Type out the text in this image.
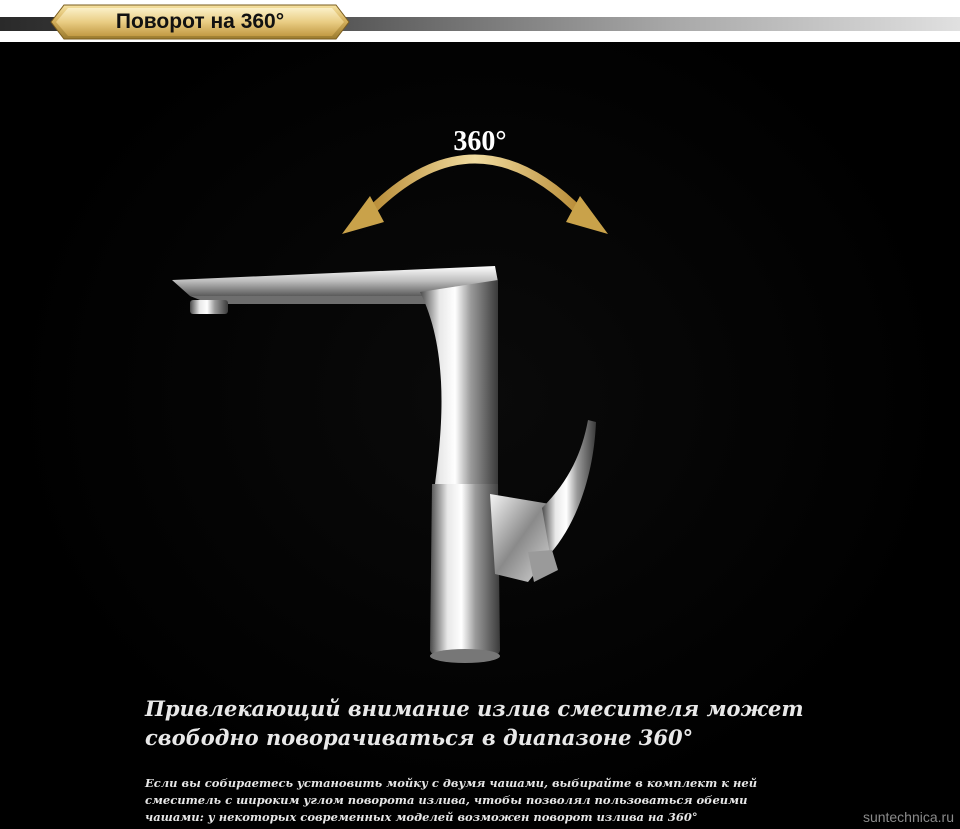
Поворот на 360°
360°
Привлекающий внимание излив смесителя может
свободно поворачиваться в диапазоне 360°
Если вы собираетесь установить мойку с двумя чашами, выбирайте в комплект к ней
смеситель с широким углом поворота излива, чтобы позволял пользоваться обеими
чашами: у некоторых современных моделей возможен поворот излива на 360°	suntechnica.ru
